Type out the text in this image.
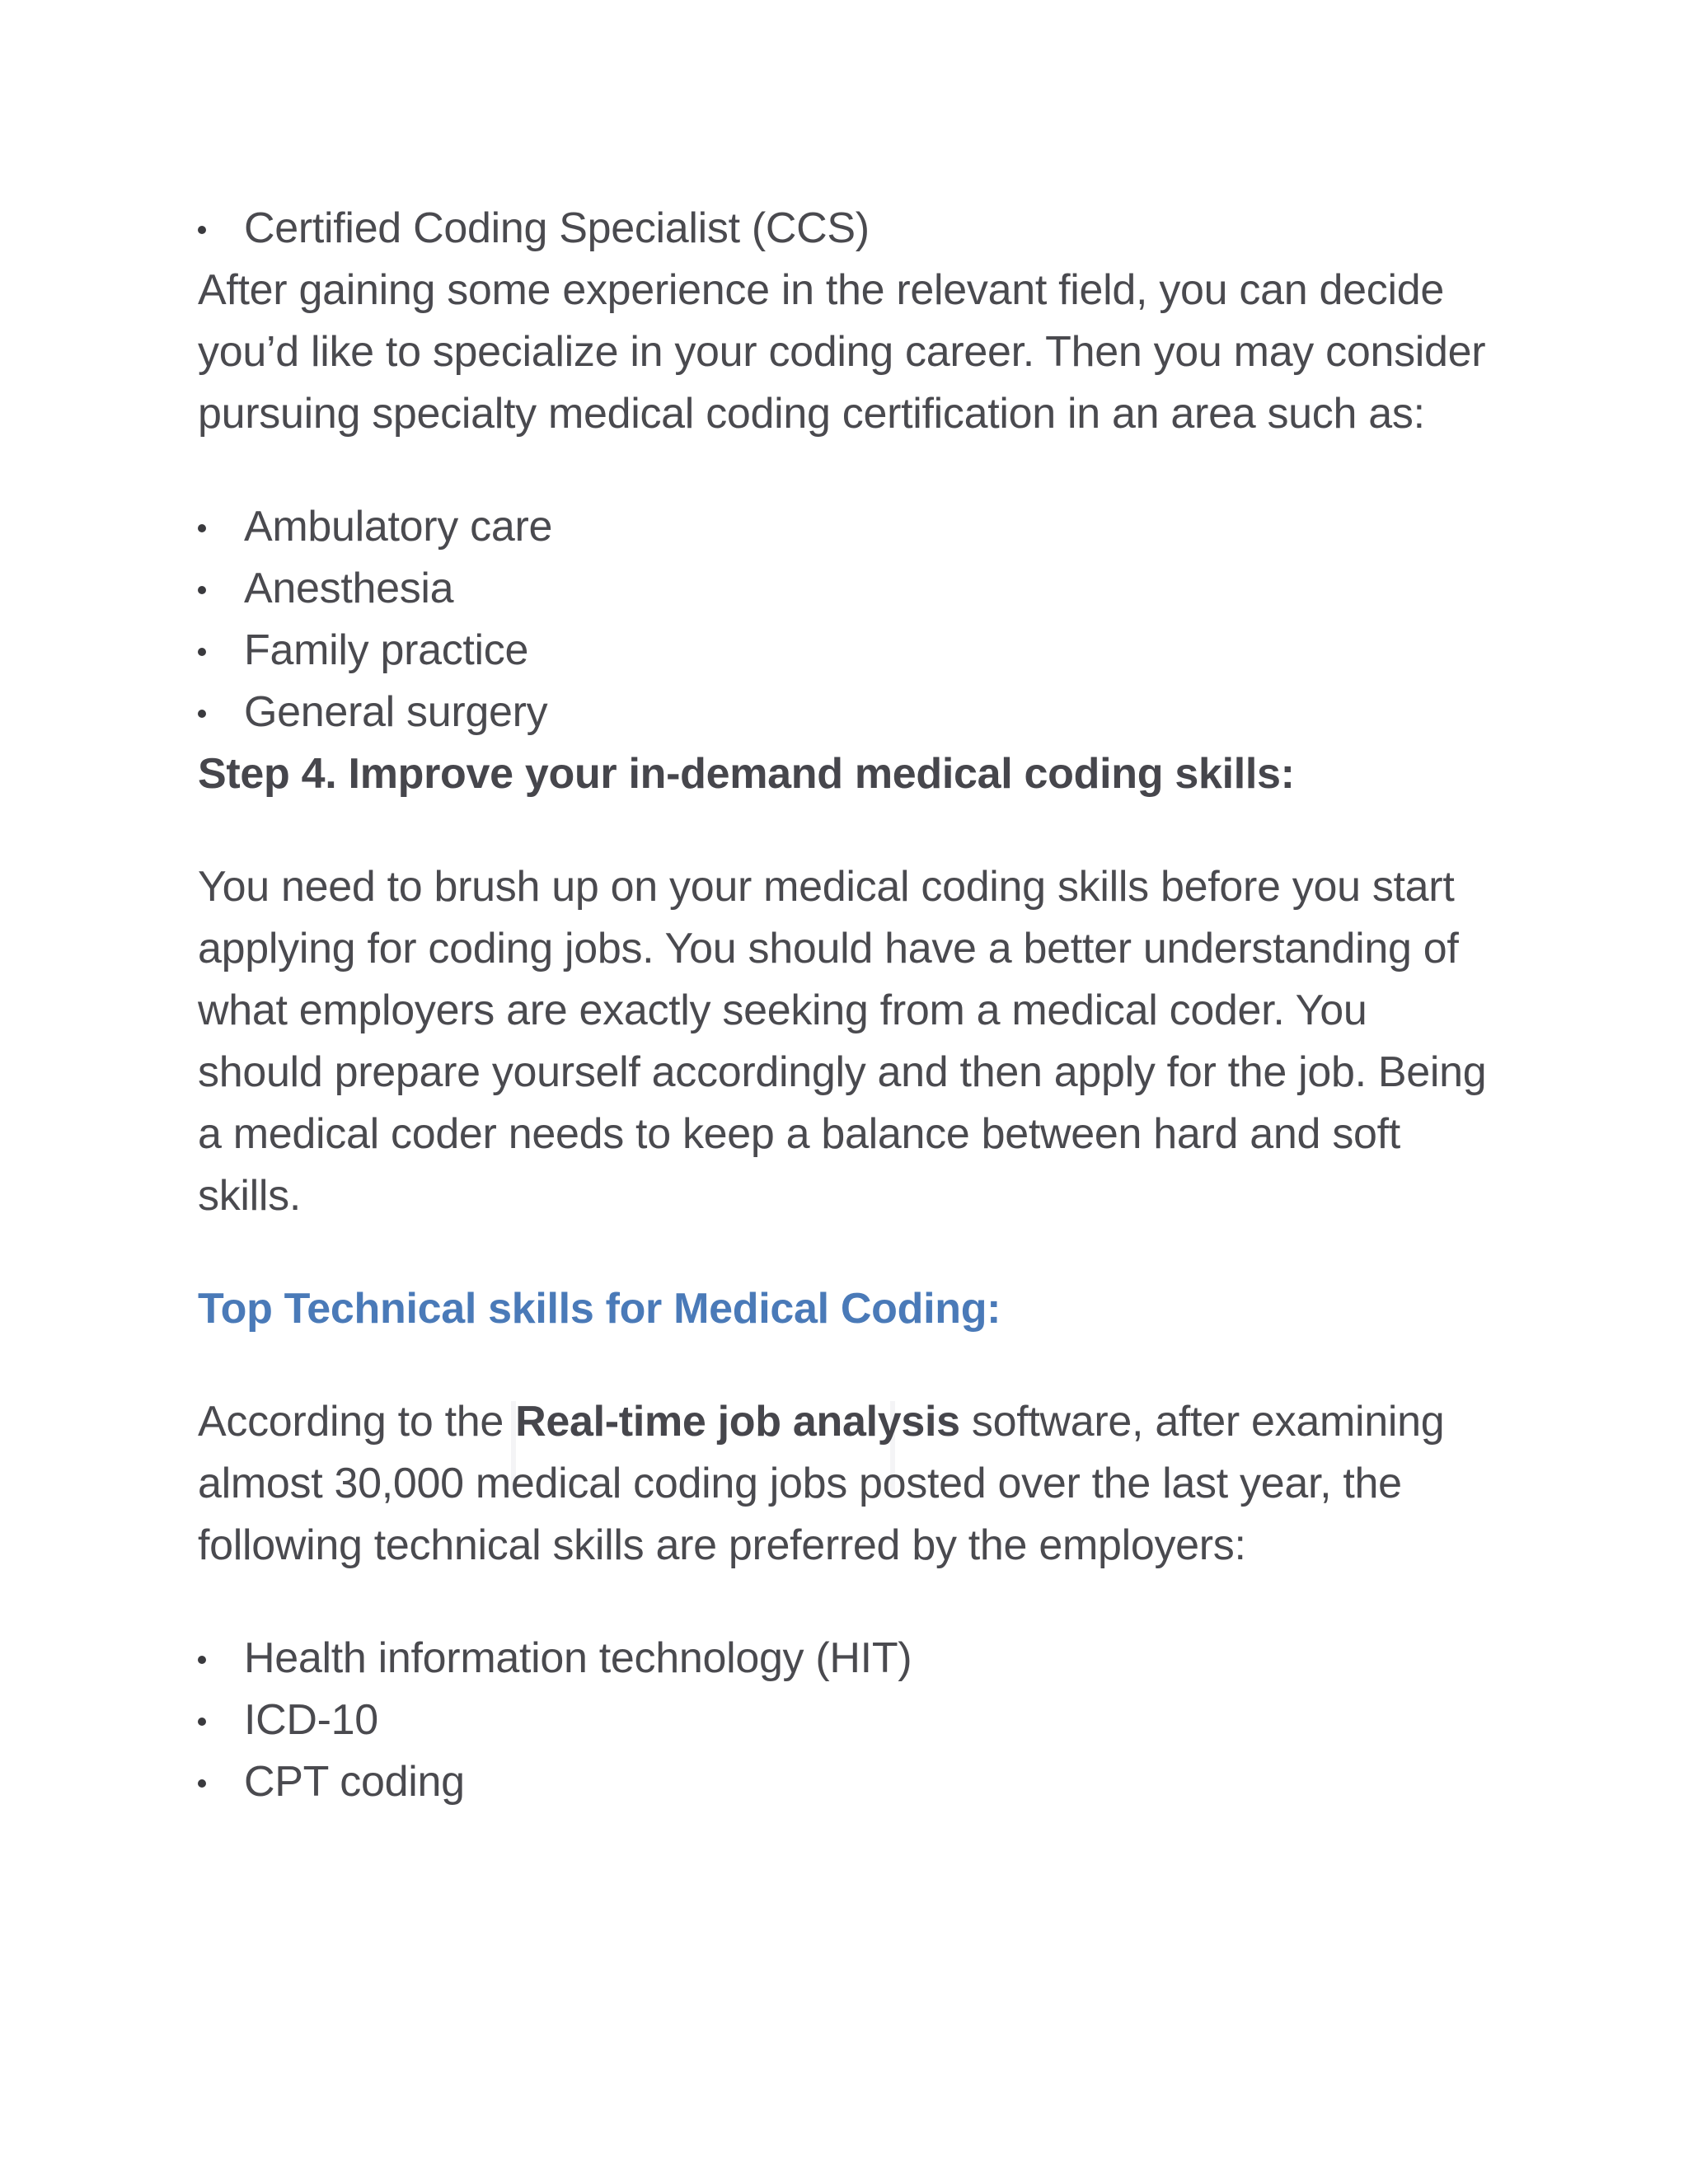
Certified Coding Specialist (CCS)

After gaining some experience in the relevant field, you can decide you’d like to specialize in your coding career. Then you may consider pursuing specialty medical coding certification in an area such as:

Ambulatory care
Anesthesia
Family practice
General surgery

Step 4. Improve your in-demand medical coding skills:

You need to brush up on your medical coding skills before you start applying for coding jobs. You should have a better understanding of what employers are exactly seeking from a medical coder. You should prepare yourself accordingly and then apply for the job. Being a medical coder needs to keep a balance between hard and soft skills.

Top Technical skills for Medical Coding:

According to the Real-time job analysis software, after examining almost 30,000 medical coding jobs posted over the last year, the following technical skills are preferred by the employers:

Health information technology (HIT)
ICD-10
CPT coding
